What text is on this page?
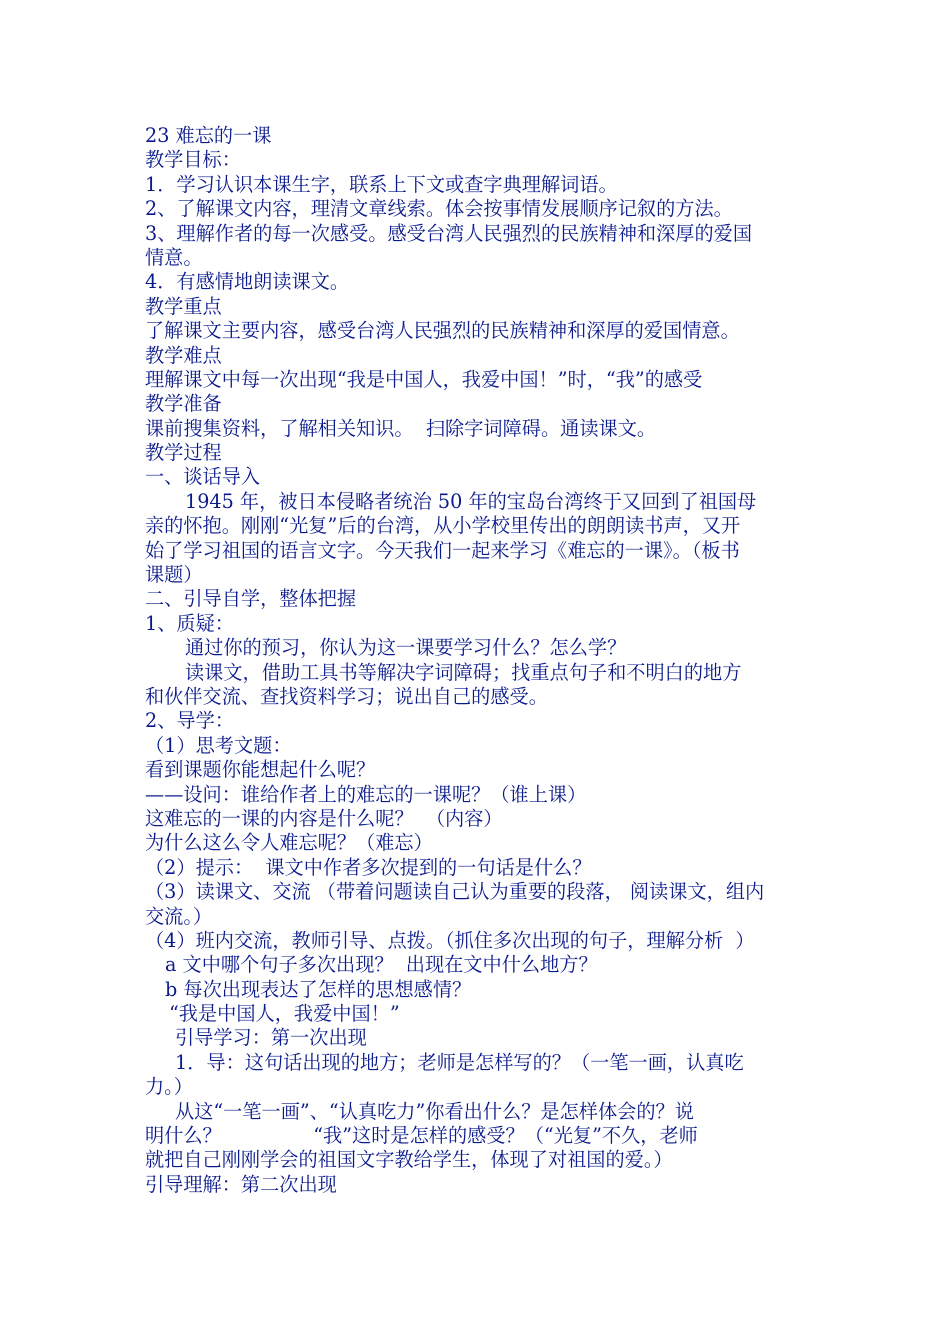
23 难忘的一课
教学目标：
1．学习认识本课生字，联系上下文或查字典理解词语。
2、了解课文内容，理清文章线索。体会按事情发展顺序记叙的方法。
3、理解作者的每一次感受。感受台湾人民强烈的民族精神和深厚的爱国
情意。
4．有感情地朗读课文。
教学重点
了解课文主要内容，感受台湾人民强烈的民族精神和深厚的爱国情意。
教学难点
理解课文中每一次出现“我是中国人，我爱中国！”时，“我”的感受
教学准备
课前搜集资料，了解相关知识。  扫除字词障碍。通读课文。
教学过程
一、谈话导入
1945 年，被日本侵略者统治 50 年的宝岛台湾终于又回到了祖国母
亲的怀抱。刚刚“光复”后的台湾，从小学校里传出的朗朗读书声，又开
始了学习祖国的语言文字。今天我们一起来学习《难忘的一课》。（板书
课题）
二、引导自学，整体把握
1、质疑：
通过你的预习，你认为这一课要学习什么？怎么学？
读课文，借助工具书等解决字词障碍；找重点句子和不明白的地方
和伙伴交流、查找资料学习；说出自己的感受。
2、导学：
（1）思考文题：
看到课题你能想起什么呢？
——设问：谁给作者上的难忘的一课呢？（谁上课）
这难忘的一课的内容是什么呢？  （内容）
为什么这么令人难忘呢？（难忘）
（2）提示：  课文中作者多次提到的一句话是什么？
（3）读课文、交流 （带着问题读自己认为重要的段落， 阅读课文，组内
交流。）
（4）班内交流，教师引导、点拨。（抓住多次出现的句子，理解分析  ）
a 文中哪个句子多次出现？  出现在文中什么地方？
b 每次出现表达了怎样的思想感情？
“我是中国人，我爱中国！”
引导学习：第一次出现
1．导：这句话出现的地方；老师是怎样写的？（一笔一画，认真吃
力。）
从这“一笔一画”、“认真吃力”你看出什么？是怎样体会的？说
明什么？               “我”这时是怎样的感受？（“光复”不久，老师
就把自己刚刚学会的祖国文字教给学生，体现了对祖国的爱。）
引导理解：第二次出现
